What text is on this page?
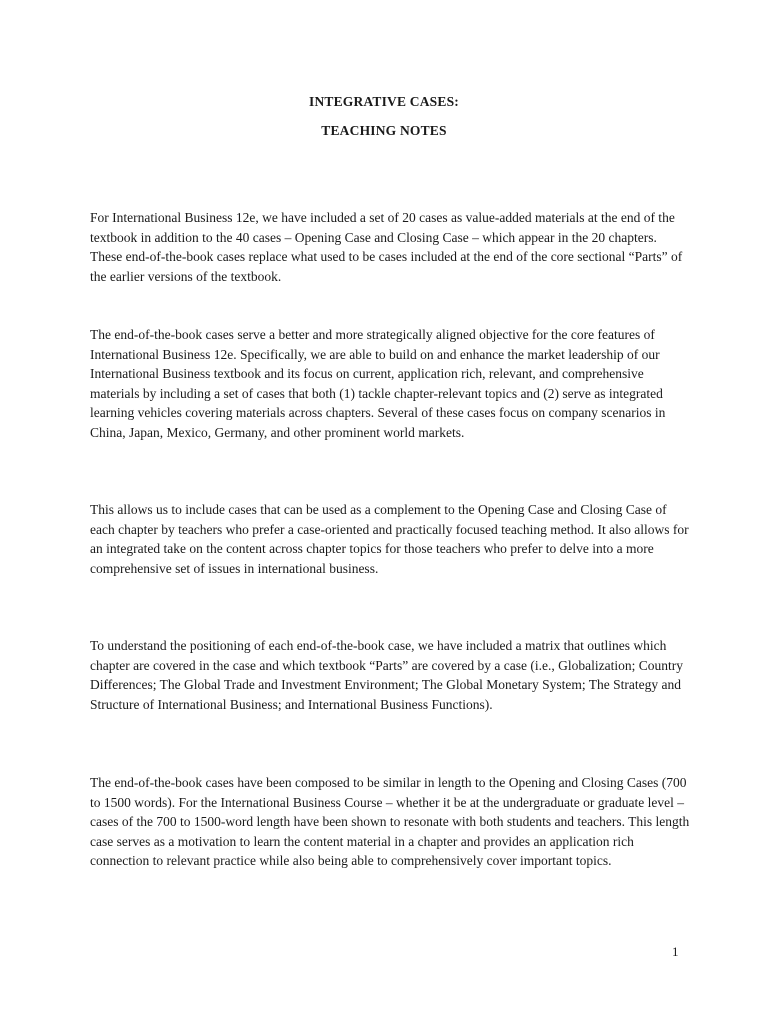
INTEGRATIVE CASES:
TEACHING NOTES

For International Business 12e, we have included a set of 20 cases as value-added materials at the end of the textbook in addition to the 40 cases – Opening Case and Closing Case – which appear in the 20 chapters. These end-of-the-book cases replace what used to be cases included at the end of the core sectional “Parts” of the earlier versions of the textbook.

The end-of-the-book cases serve a better and more strategically aligned objective for the core features of International Business 12e. Specifically, we are able to build on and enhance the market leadership of our International Business textbook and its focus on current, application rich, relevant, and comprehensive materials by including a set of cases that both (1) tackle chapter-relevant topics and (2) serve as integrated learning vehicles covering materials across chapters. Several of these cases focus on company scenarios in China, Japan, Mexico, Germany, and other prominent world markets.

This allows us to include cases that can be used as a complement to the Opening Case and Closing Case of each chapter by teachers who prefer a case-oriented and practically focused teaching method. It also allows for an integrated take on the content across chapter topics for those teachers who prefer to delve into a more comprehensive set of issues in international business.

To understand the positioning of each end-of-the-book case, we have included a matrix that outlines which chapter are covered in the case and which textbook “Parts” are covered by a case (i.e., Globalization; Country Differences; The Global Trade and Investment Environment; The Global Monetary System; The Strategy and Structure of International Business; and International Business Functions).

The end-of-the-book cases have been composed to be similar in length to the Opening and Closing Cases (700 to 1500 words). For the International Business Course – whether it be at the undergraduate or graduate level – cases of the 700 to 1500-word length have been shown to resonate with both students and teachers. This length case serves as a motivation to learn the content material in a chapter and provides an application rich connection to relevant practice while also being able to comprehensively cover important topics.

1
